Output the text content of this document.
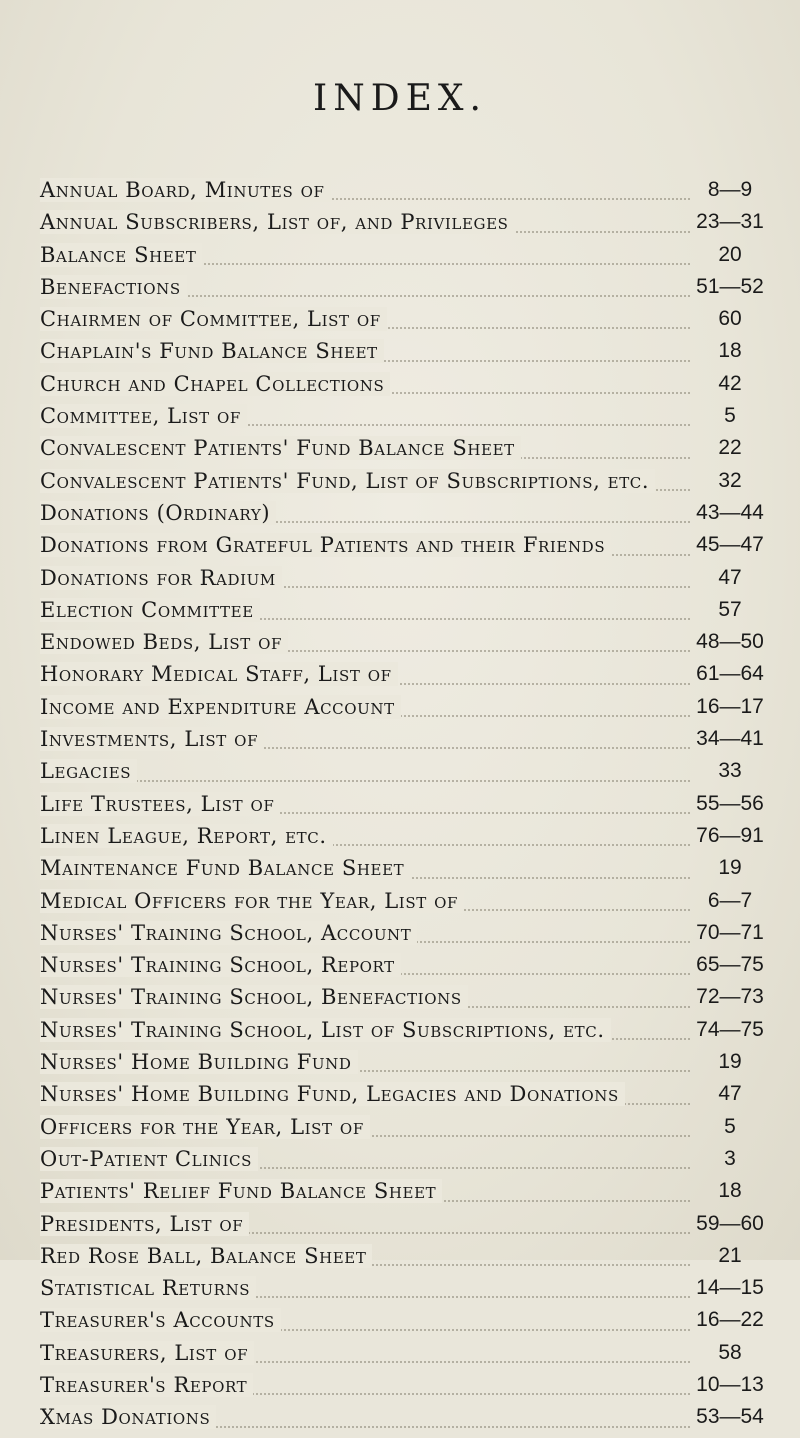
INDEX.
Annual Board, Minutes of	8—9
Annual Subscribers, List of, and Privileges	23—31
Balance Sheet	20
Benefactions	51—52
Chairmen of Committee, List of	60
Chaplain's Fund Balance Sheet	18
Church and Chapel Collections	42
Committee, List of	5
Convalescent Patients' Fund Balance Sheet	22
Convalescent Patients' Fund, List of Subscriptions, etc.	32
Donations (Ordinary)	43—44
Donations from Grateful Patients and their Friends	45—47
Donations for Radium	47
Election Committee	57
Endowed Beds, List of	48—50
Honorary Medical Staff, List of	61—64
Income and Expenditure Account	16—17
Investments, List of	34—41
Legacies	33
Life Trustees, List of	55—56
Linen League, Report, etc.	76—91
Maintenance Fund Balance Sheet	19
Medical Officers for the Year, List of	6—7
Nurses' Training School, Account	70—71
Nurses' Training School, Report	65—75
Nurses' Training School, Benefactions	72—73
Nurses' Training School, List of Subscriptions, etc.	74—75
Nurses' Home Building Fund	19
Nurses' Home Building Fund, Legacies and Donations	47
Officers for the Year, List of	5
Out-Patient Clinics	3
Patients' Relief Fund Balance Sheet	18
Presidents, List of	59—60
Red Rose Ball, Balance Sheet	21
Statistical Returns	14—15
Treasurer's Accounts	16—22
Treasurers, List of	58
Treasurer's Report	10—13
Xmas Donations	53—54
